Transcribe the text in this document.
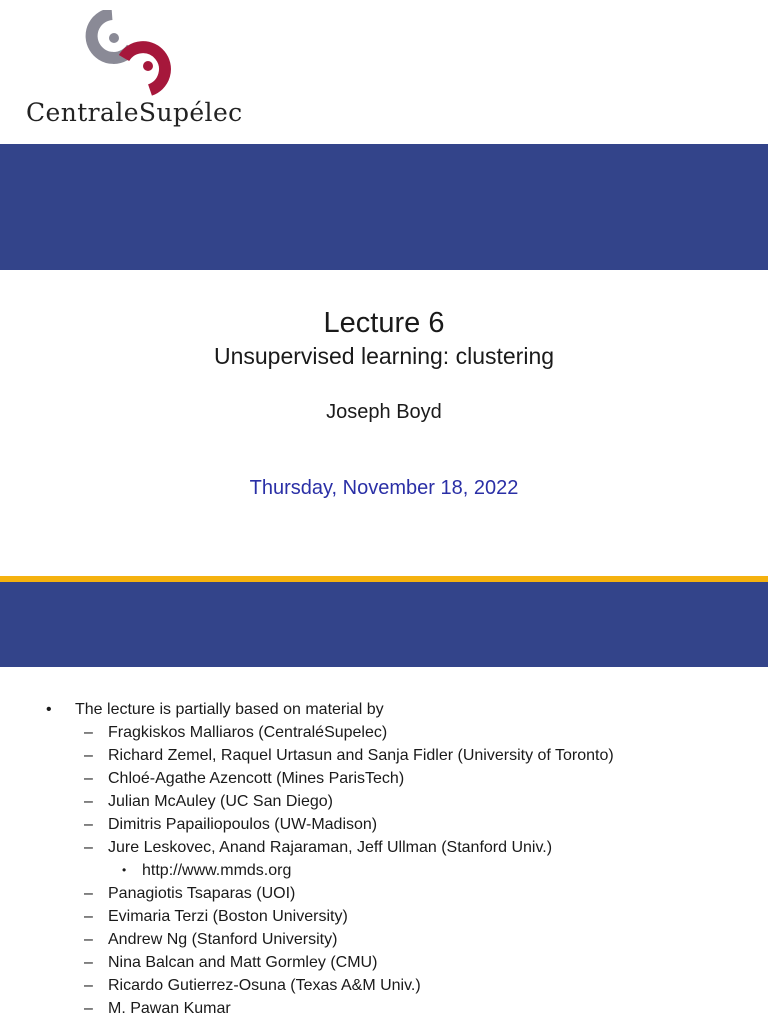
CentraleSupélec
Lecture 6
Unsupervised learning: clustering
Joseph Boyd
Thursday, November 18, 2022
• The lecture is partially based on material by
– Fragkiskos Malliaros (CentraléSupelec)
– Richard Zemel, Raquel Urtasun and Sanja Fidler (University of Toronto)
– Chloé-Agathe Azencott (Mines ParisTech)
– Julian McAuley (UC San Diego)
– Dimitris Papailiopoulos (UW-Madison)
– Jure Leskovec, Anand Rajaraman, Jeff Ullman (Stanford Univ.)
• http://www.mmds.org
– Panagiotis Tsaparas (UOI)
– Evimaria Terzi (Boston University)
– Andrew Ng (Stanford University)
– Nina Balcan and Matt Gormley (CMU)
– Ricardo Gutierrez-Osuna (Texas A&M Univ.)
– M. Pawan Kumar
